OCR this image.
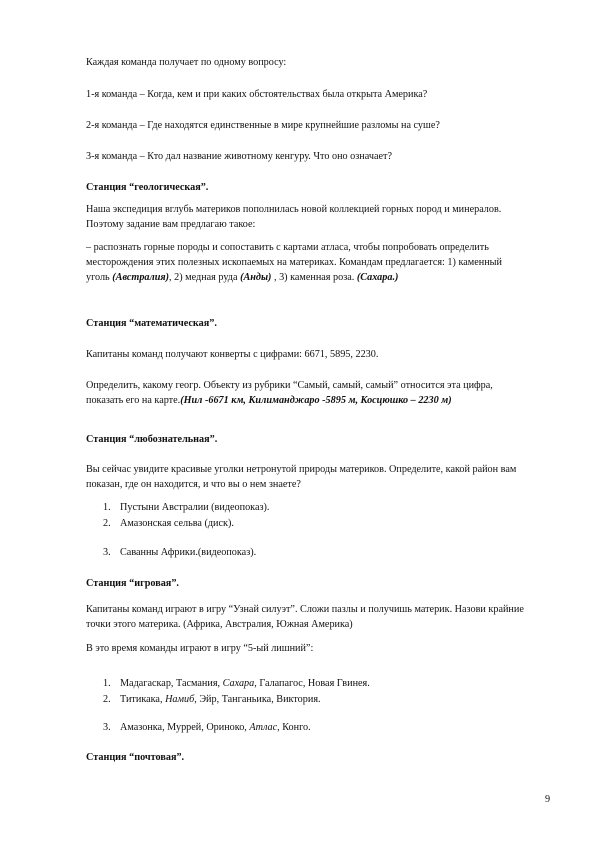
Каждая команда получает по одному вопросу:

1-я команда – Когда, кем и при каких обстоятельствах была открыта Америка?

2-я команда – Где находятся единственные в мире крупнейшие разломы на суше?

3-я команда – Кто дал название животному кенгуру. Что оно означает?

Станция “геологическая”.

Наша экспедиция вглубь материков пополнилась новой коллекцией горных пород и минералов. Поэтому задание вам предлагаю такое:

– распознать горные породы и сопоставить с картами атласа, чтобы попробовать определить месторождения этих полезных ископаемых на материках. Командам предлагается: 1) каменный уголь (Австралия), 2) медная руда (Анды) , 3) каменная роза. (Сахара.)

Станция “математическая”.

Капитаны команд получают конверты с цифрами: 6671, 5895, 2230.

Определить, какому геогр. Объекту из рубрики “Самый, самый, самый” относится эта цифра, показать его на карте.(Нил -6671 км, Килиманджаро -5895 м, Косцюшко – 2230 м)

Станция “любознательная”.

Вы сейчас увидите красивые уголки нетронутой природы материков. Определите, какой район вам показан, где он находится, и что вы о нем знаете?

1. Пустыни Австралии (видеопоказ).

2. Амазонская сельва (диск).

3. Саванны Африки.(видеопоказ).

Станция “игровая”.

Капитаны команд играют в игру “Узнай силуэт”. Сложи пазлы и получишь материк. Назови крайние точки этого материка. (Африка, Австралия, Южная Америка)

В это время команды играют в игру “5-ый лишний”:

1. Мадагаскар, Тасмания, Сахара, Галапагос, Новая Гвинея.

2. Титикака, Намиб, Эйр, Танганьика, Виктория.

3. Амазонка, Муррей, Ориноко, Атлас, Конго.

Станция “почтовая”.

9
